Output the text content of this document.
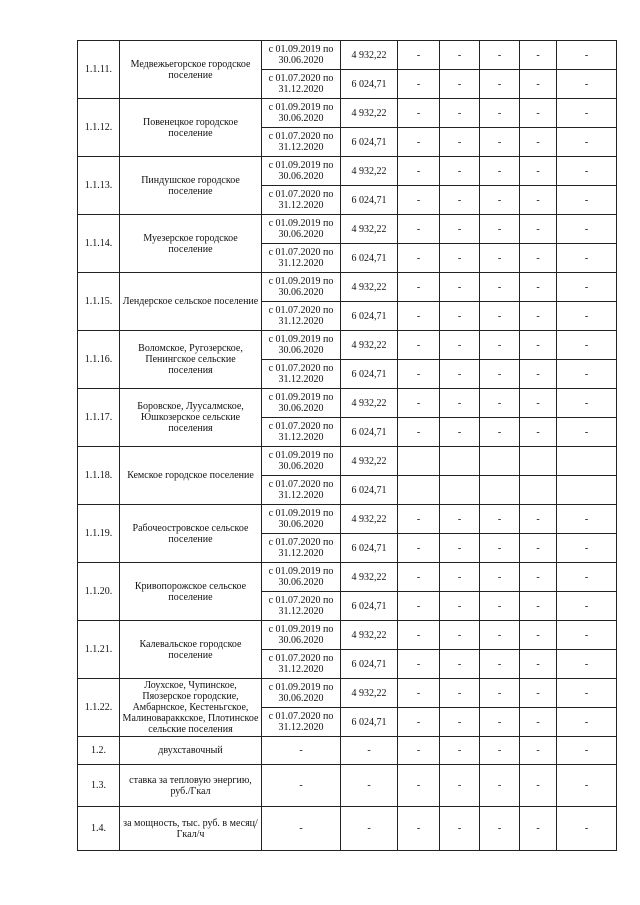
1.1.11.	Медвежьегорское городское поселение	с 01.09.2019 по 30.06.2020	4 932,22	-	-	-	-	-
		с 01.07.2020 по 31.12.2020	6 024,71	-	-	-	-	-
1.1.12.	Повенецкое городское поселение	с 01.09.2019 по 30.06.2020	4 932,22	-	-	-	-	-
		с 01.07.2020 по 31.12.2020	6 024,71	-	-	-	-	-
1.1.13.	Пиндушское городское поселение	с 01.09.2019 по 30.06.2020	4 932,22	-	-	-	-	-
		с 01.07.2020 по 31.12.2020	6 024,71	-	-	-	-	-
1.1.14.	Муезерское городское поселение	с 01.09.2019 по 30.06.2020	4 932,22	-	-	-	-	-
		с 01.07.2020 по 31.12.2020	6 024,71	-	-	-	-	-
1.1.15.	Лендерское сельское поселение	с 01.09.2019 по 30.06.2020	4 932,22	-	-	-	-	-
		с 01.07.2020 по 31.12.2020	6 024,71	-	-	-	-	-
1.1.16.	Воломское, Ругозерское, Пенингское сельские поселения	с 01.09.2019 по 30.06.2020	4 932,22	-	-	-	-	-
		с 01.07.2020 по 31.12.2020	6 024,71	-	-	-	-	-
1.1.17.	Боровское, Луусалмское, Юшкозерское сельские поселения	с 01.09.2019 по 30.06.2020	4 932,22	-	-	-	-	-
		с 01.07.2020 по 31.12.2020	6 024,71	-	-	-	-	-
1.1.18.	Кемское городское поселение	с 01.09.2019 по 30.06.2020	4 932,22					
		с 01.07.2020 по 31.12.2020	6 024,71					
1.1.19.	Рабочеостровское сельское поселение	с 01.09.2019 по 30.06.2020	4 932,22	-	-	-	-	-
		с 01.07.2020 по 31.12.2020	6 024,71	-	-	-	-	-
1.1.20.	Кривопорожское сельское поселение	с 01.09.2019 по 30.06.2020	4 932,22	-	-	-	-	-
		с 01.07.2020 по 31.12.2020	6 024,71	-	-	-	-	-
1.1.21.	Калевальское городское поселение	с 01.09.2019 по 30.06.2020	4 932,22	-	-	-	-	-
		с 01.07.2020 по 31.12.2020	6 024,71	-	-	-	-	-
1.1.22.	Лоухское, Чупинское, Пяозерское городские, Амбарнское, Кестеньгское, Малиновараккское, Плотинское сельские поселения	с 01.09.2019 по 30.06.2020	4 932,22	-	-	-	-	-
		с 01.07.2020 по 31.12.2020	6 024,71	-	-	-	-	-
1.2.	двухставочный	-	-	-	-	-	-	-
1.3.	ставка за тепловую энергию, руб./Гкал	-	-	-	-	-	-	-
1.4.	за мощность, тыс. руб. в месяц/Гкал/ч	-	-	-	-	-	-	-
